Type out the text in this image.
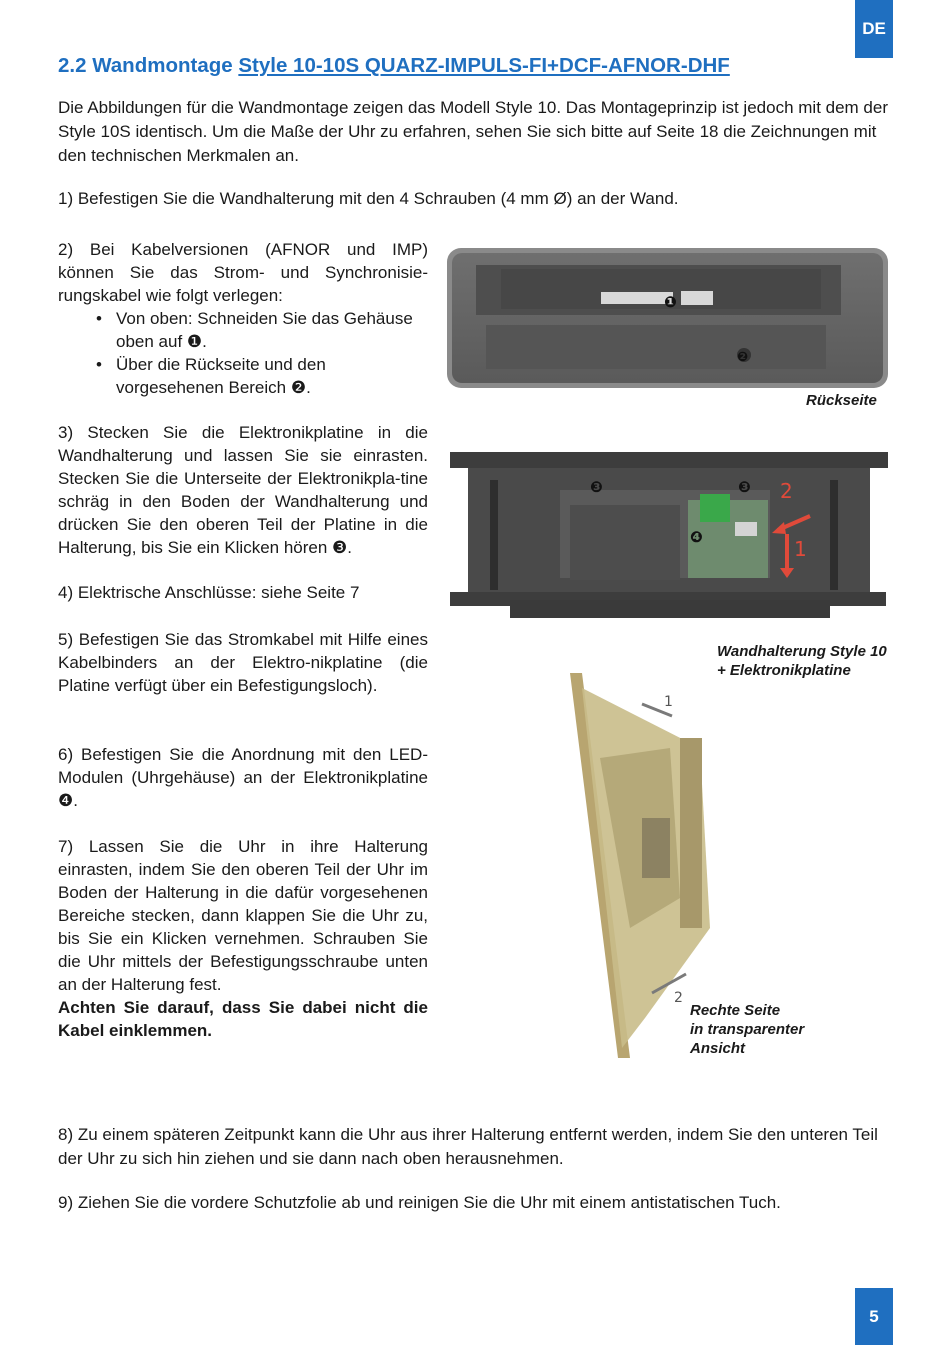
DE
2.2 Wandmontage Style 10-10S QUARZ-IMPULS-FI+DCF-AFNOR-DHF
Die Abbildungen für die Wandmontage zeigen das Modell Style 10. Das Montageprinzip ist jedoch mit dem der Style 10S identisch. Um die Maße der Uhr zu erfahren, sehen Sie sich bitte auf Seite 18 die Zeichnungen mit den technischen Merkmalen an.
1) Befestigen Sie die Wandhalterung mit den 4 Schrauben (4 mm Ø) an der Wand.

2) Bei Kabelversionen (AFNOR und IMP) können Sie das Strom- und Synchronisie-rungskabel wie folgt verlegen:

• Von oben: Schneiden Sie das Gehäuse oben auf ❶.
• Über die Rückseite und den vorgesehenen Bereich ❷.

3) Stecken Sie die Elektronikplatine in die Wandhalterung und lassen Sie sie einrasten. Stecken Sie die Unterseite der Elektronikpla-tine schräg in den Boden der Wandhalterung und drücken Sie den oberen Teil der Platine in die Halterung, bis Sie ein Klicken hören ❸.

4) Elektrische Anschlüsse: siehe Seite 7

5) Befestigen Sie das Stromkabel mit Hilfe eines Kabelbinders an der Elektro-nikplatine (die Platine verfügt über ein Befestigungsloch).

6) Befestigen Sie die Anordnung mit den LED-Modulen (Uhrgehäuse) an der Elektronikplatine ❹.

7) Lassen Sie die Uhr in ihre Halterung einrasten, indem Sie den oberen Teil der Uhr im Boden der Halterung in die dafür vorgesehenen Bereiche stecken, dann klappen Sie die Uhr zu, bis Sie ein Klicken vernehmen. Schrauben Sie die Uhr mittels der Befestigungsschraube unten an der Halterung fest.

Achten Sie darauf, dass Sie dabei nicht die Kabel einklemmen.

❶
❷
Rückseite
❸	❸
❹
2
1
Wandhalterung Style 10
+ Elektronikplatine
1
2
Rechte Seite
in transparenter
Ansicht
8) Zu einem späteren Zeitpunkt kann die Uhr aus ihrer Halterung entfernt werden, indem Sie den unteren Teil der Uhr zu sich hin ziehen und sie dann nach oben herausnehmen.
9) Ziehen Sie die vordere Schutzfolie ab und reinigen Sie die Uhr mit einem antistatischen Tuch.
5
